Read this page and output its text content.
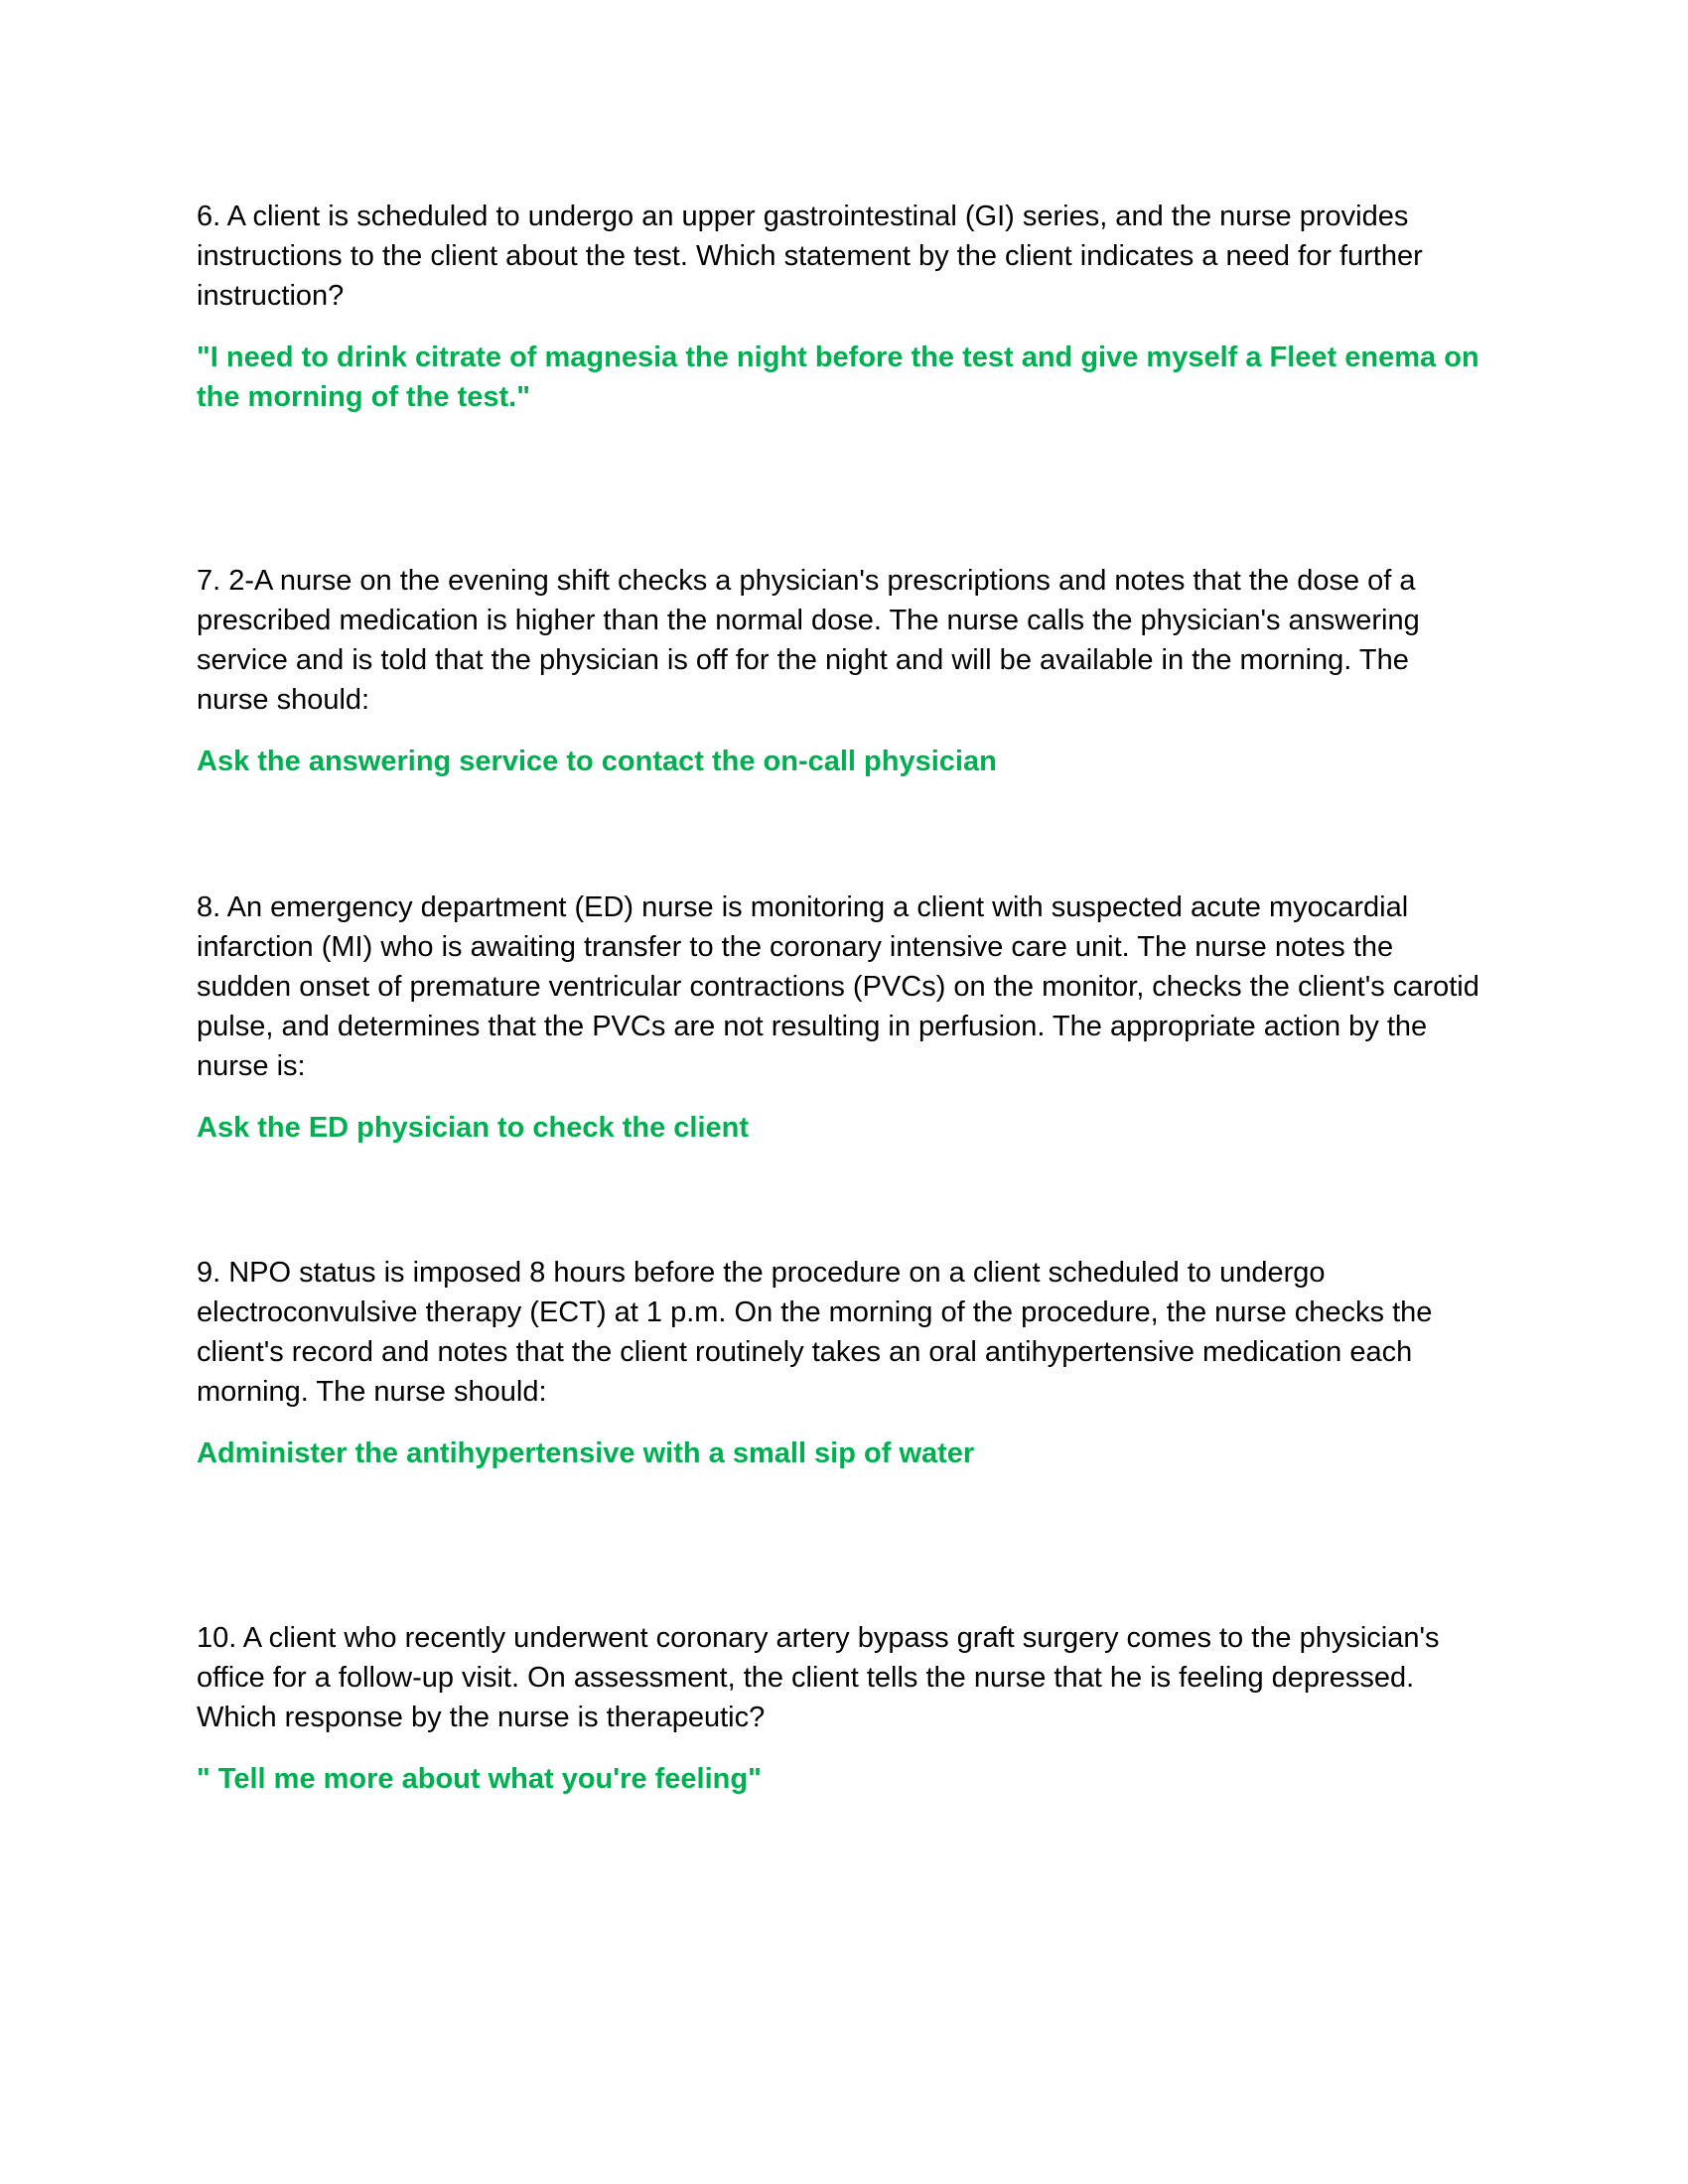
6. A client is scheduled to undergo an upper gastrointestinal (GI) series, and the nurse provides instructions to the client about the test. Which statement by the client indicates a need for further instruction?

"I need to drink citrate of magnesia the night before the test and give myself a Fleet enema on the morning of the test."

7. 2-A nurse on the evening shift checks a physician's prescriptions and notes that the dose of a prescribed medication is higher than the normal dose. The nurse calls the physician's answering service and is told that the physician is off for the night and will be available in the morning. The nurse should:

Ask the answering service to contact the on-call physician

8. An emergency department (ED) nurse is monitoring a client with suspected acute myocardial infarction (MI) who is awaiting transfer to the coronary intensive care unit. The nurse notes the sudden onset of premature ventricular contractions (PVCs) on the monitor, checks the client's carotid pulse, and determines that the PVCs are not resulting in perfusion. The appropriate action by the nurse is:

Ask the ED physician to check the client

9. NPO status is imposed 8 hours before the procedure on a client scheduled to undergo electroconvulsive therapy (ECT) at 1 p.m. On the morning of the procedure, the nurse checks the client's record and notes that the client routinely takes an oral antihypertensive medication each morning. The nurse should:

Administer the antihypertensive with a small sip of water

10. A client who recently underwent coronary artery bypass graft surgery comes to the physician's office for a follow-up visit. On assessment, the client tells the nurse that he is feeling depressed. Which response by the nurse is therapeutic?

" Tell me more about what you're feeling"
